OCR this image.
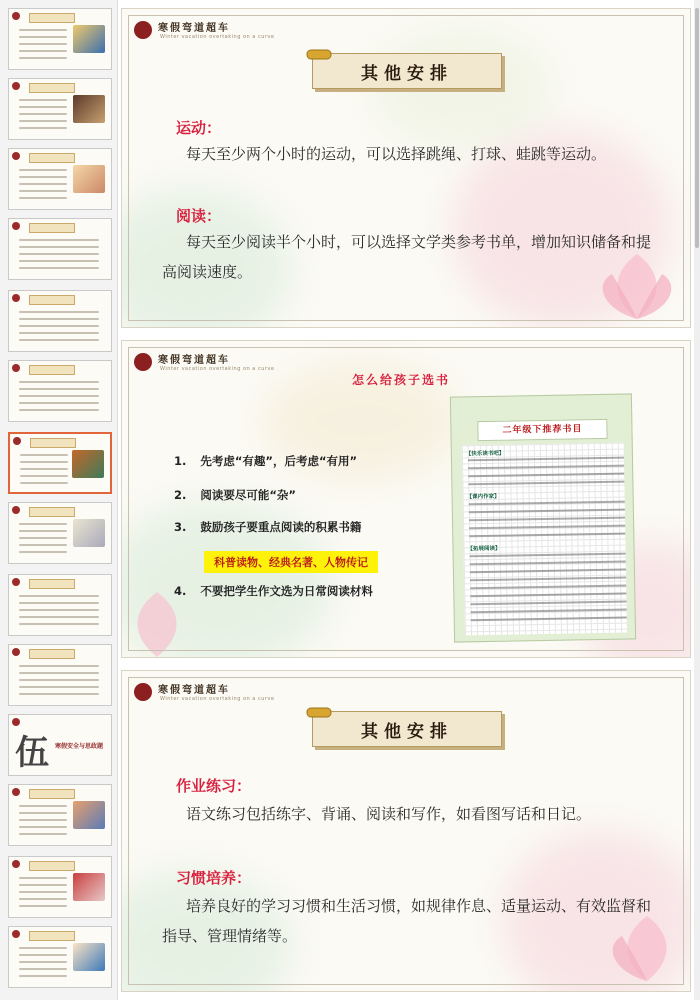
伍 寒假安全与思政题
寒假弯道超车
Winter vacation overtaking on a curve
其他安排
运动：
每天至少两个小时的运动，可以选择跳绳、打球、蛙跳等运动。
阅读：
每天至少阅读半个小时，可以选择文学类参考书单，增加知识储备和提高阅读速度。
寒假弯道超车
Winter vacation overtaking on a curve
怎么给孩子选书
1. 先考虑“有趣”，后考虑“有用”
2. 阅读要尽可能“杂”
3. 鼓励孩子要重点阅读的积累书籍
科普读物、经典名著、人物传记
4. 不要把学生作文选为日常阅读材料
二年级下推荐书目
【快乐读书吧】
【课内作家】
【拓展阅读】
寒假弯道超车
Winter vacation overtaking on a curve
其他安排
作业练习：
语文练习包括练字、背诵、阅读和写作，如看图写话和日记。
习惯培养：
培养良好的学习习惯和生活习惯，如规律作息、适量运动、有效监督和指导、管理情绪等。
